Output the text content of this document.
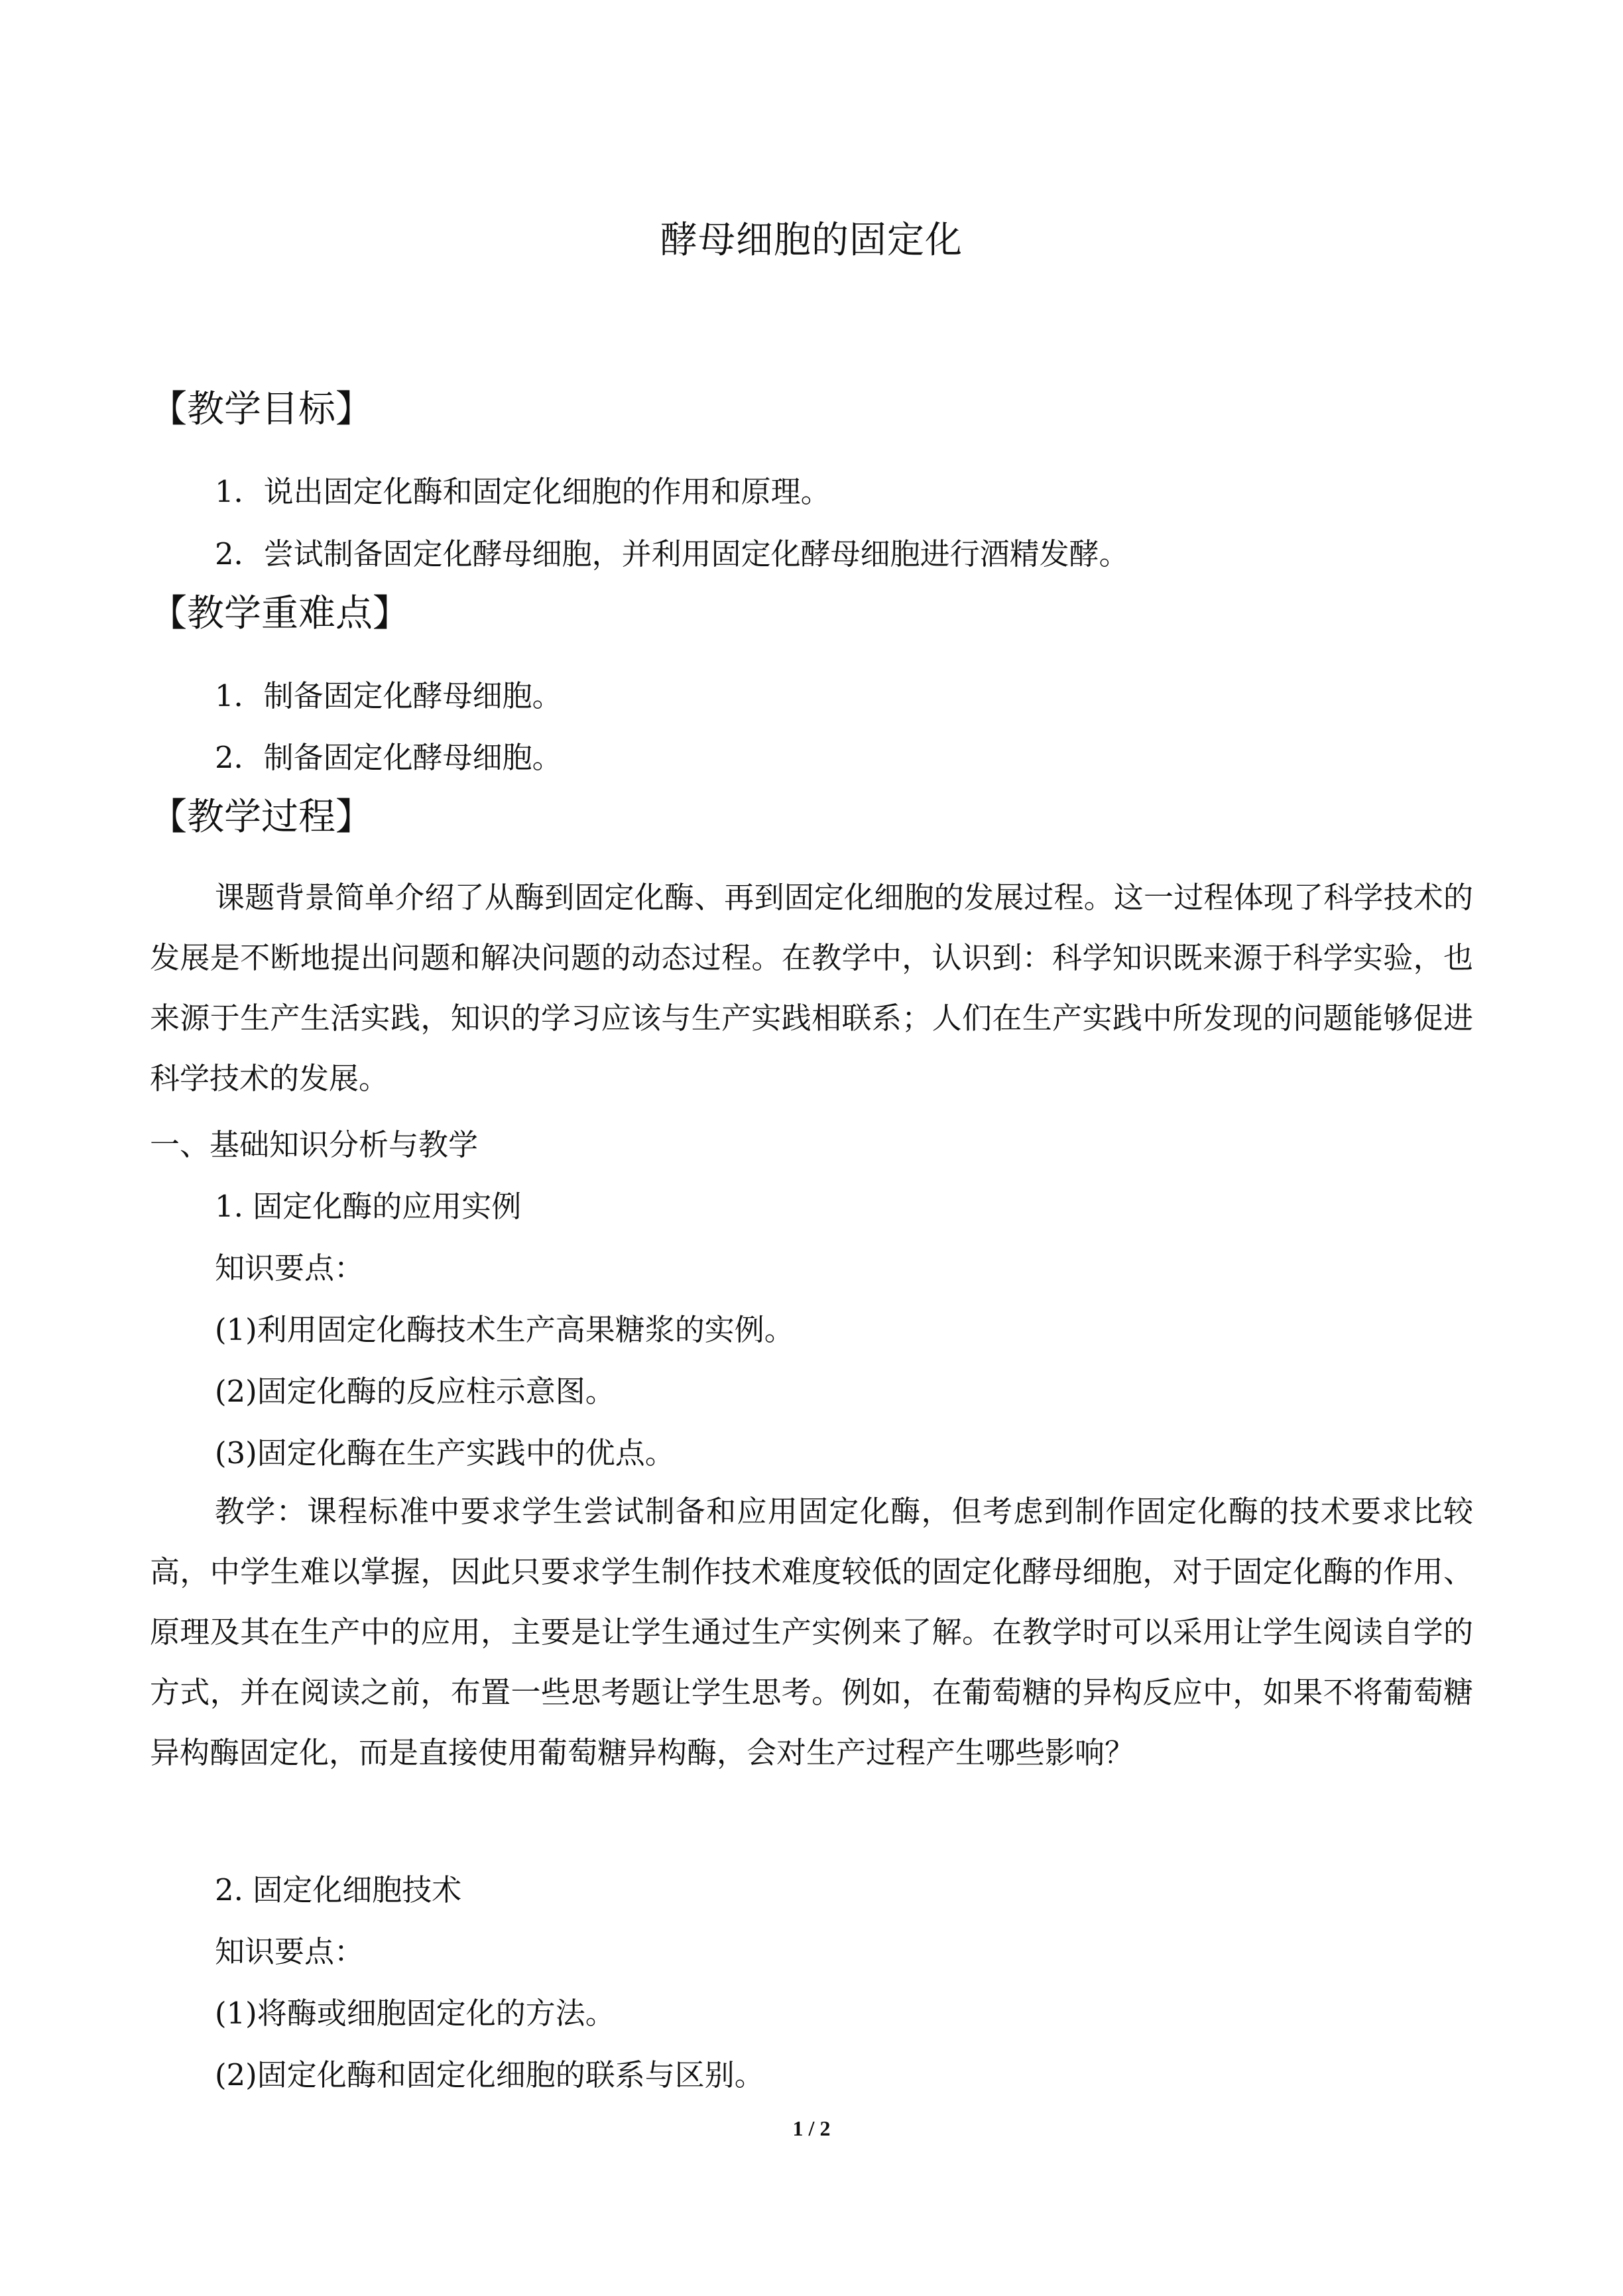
酵母细胞的固定化
【教学目标】
1．说出固定化酶和固定化细胞的作用和原理。
2．尝试制备固定化酵母细胞，并利用固定化酵母细胞进行酒精发酵。
【教学重难点】
1．制备固定化酵母细胞。
2．制备固定化酵母细胞。
【教学过程】
课题背景简单介绍了从酶到固定化酶、再到固定化细胞的发展过程。这一过程体现了科学技术的发展是不断地提出问题和解决问题的动态过程。在教学中，认识到：科学知识既来源于科学实验，也来源于生产生活实践，知识的学习应该与生产实践相联系；人们在生产实践中所发现的问题能够促进科学技术的发展。
一、基础知识分析与教学
1. 固定化酶的应用实例
知识要点：
(1)利用固定化酶技术生产高果糖浆的实例。
(2)固定化酶的反应柱示意图。
(3)固定化酶在生产实践中的优点。
教学：课程标准中要求学生尝试制备和应用固定化酶，但考虑到制作固定化酶的技术要求比较高，中学生难以掌握，因此只要求学生制作技术难度较低的固定化酵母细胞，对于固定化酶的作用、原理及其在生产中的应用，主要是让学生通过生产实例来了解。在教学时可以采用让学生阅读自学的方式，并在阅读之前，布置一些思考题让学生思考。例如，在葡萄糖的异构反应中，如果不将葡萄糖异构酶固定化，而是直接使用葡萄糖异构酶，会对生产过程产生哪些影响？
2. 固定化细胞技术
知识要点：
(1)将酶或细胞固定化的方法。
(2)固定化酶和固定化细胞的联系与区别。
1 / 2
